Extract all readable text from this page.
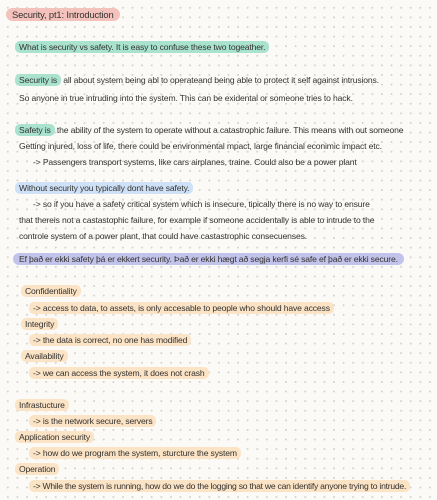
Security, pt1: Introduction
What is security vs safety. It is easy to confuse these two togeather.
Security is all about system being abl to operateand being able to protect it self against intrusions.
So anyone in true intruding into the system. This can be exidental or someone tries to hack.
Safety is the ability of the system to operate without a catastrophic failure. This means with out someone
Getting injured, loss of life, there could be environmental mpact, large financial econimic impact etc.
-> Passengers transport systems, like cars airplanes, traine. Could also be a power plant
Without security you typically dont have safety.
-> so if you have a safety critical system which is insecure, tipically there is no way to ensure
that thereis not a castastophic failure, for example if someone accidentally is able to intrude to the
controle system of a power plant, that could have castastrophic consecuenses.
Ef það er ekki safety þá er ekkert security. Það er ekki hægt að segja kerfi sé safe ef það er ekki secure.
Confidentiality
-> access to data, to assets, is only accesable to people who should have access
Integrity
-> the data is correct, no one has modified
Availability
-> we can access the system, it does not crash
Infrastucture
-> is the network secure, servers
Application security
-> how do we program the system, sturcture the system
Operation
-> While the system is running, how do we do the logging so that we can identify anyone trying to intrude.
